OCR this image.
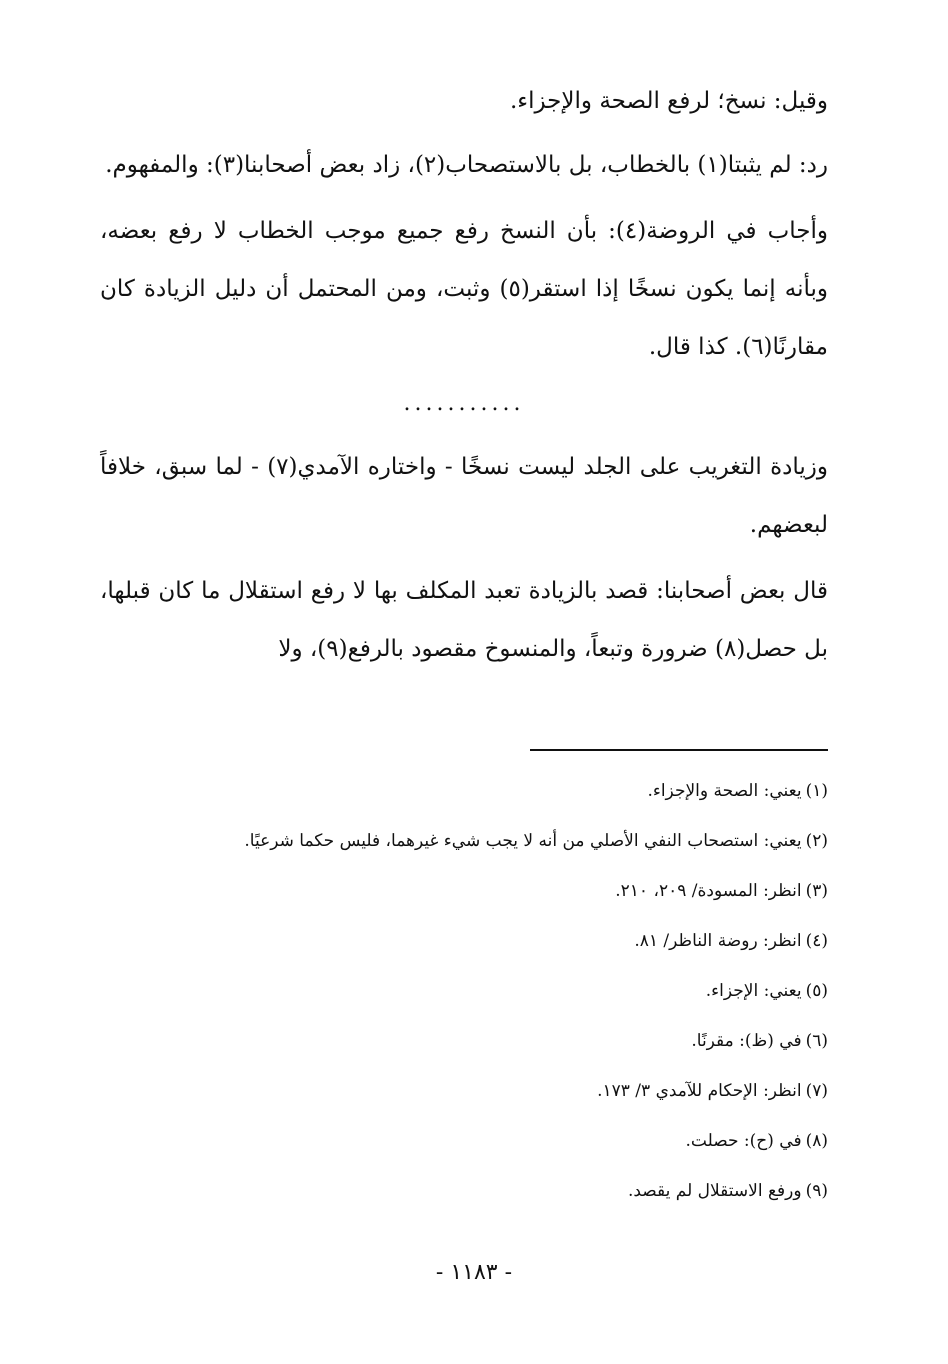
وقيل: نسخ؛ لرفع الصحة والإجزاء.

رد: لم يثبتا(١) بالخطاب، بل بالاستصحاب(٢)، زاد بعض أصحابنا(٣): والمفهوم.

وأجاب في الروضة(٤): بأن النسخ رفع جميع موجب الخطاب لا رفع بعضه، وبأنه إنما يكون نسخًا إذا استقر(٥) وثبت، ومن المحتمل أن دليل الزيادة كان مقارنًا(٦). كذا قال.

...........

وزيادة التغريب على الجلد ليست نسخًا - واختاره الآمدي(٧) - لما سبق، خلافاً لبعضهم.

قال بعض أصحابنا: قصد بالزيادة تعبد المكلف بها لا رفع استقلال ما كان قبلها، بل حصل(٨) ضرورة وتبعاً، والمنسوخ مقصود بالرفع(٩)، ولا

(١)يعني: الصحة والإجزاء.
(٢)يعني: استصحاب النفي الأصلي من أنه لا يجب شيء غيرهما، فليس حكما شرعيًا.
(٣)انظر: المسودة/ ٢٠٩، ٢١٠.
(٤)انظر: روضة الناظر/ ٨١.
(٥)يعني: الإجزاء.
(٦)في (ظ): مقرنًا.
(٧)انظر: الإحكام للآمدي ٣/ ١٧٣.
(٨)في (ح): حصلت.
(٩)ورفع الاستقلال لم يقصد.
- ١١٨٣ -
